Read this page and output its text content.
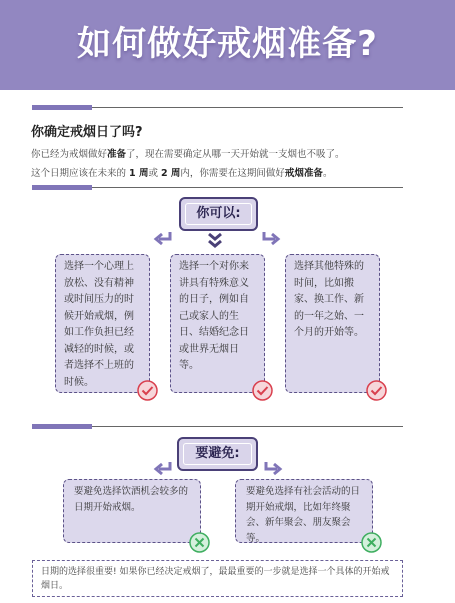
如何做好戒烟准备?
你确定戒烟日了吗?
你已经为戒烟做好准备了，现在需要确定从哪一天开始就一支烟也不吸了。
这个日期应该在未来的 1 周或 2 周内，你需要在这期间做好戒烟准备。
你可以:
选择一个心理上放松、没有精神或时间压力的时候开始戒烟，例如工作负担已经减轻的时候，或者选择不上班的时候。
选择一个对你来讲具有特殊意义的日子，例如自己或家人的生日、结婚纪念日或世界无烟日等。
选择其他特殊的时间，比如搬家、换工作、新的一年之始、一个月的开始等。
要避免:
要避免选择饮酒机会较多的日期开始戒烟。
要避免选择有社会活动的日期开始戒烟，比如年终聚会、新年聚会、朋友聚会等。
日期的选择很重要! 如果你已经决定戒烟了，最最重要的一步就是选择一个具体的开始戒烟日。
